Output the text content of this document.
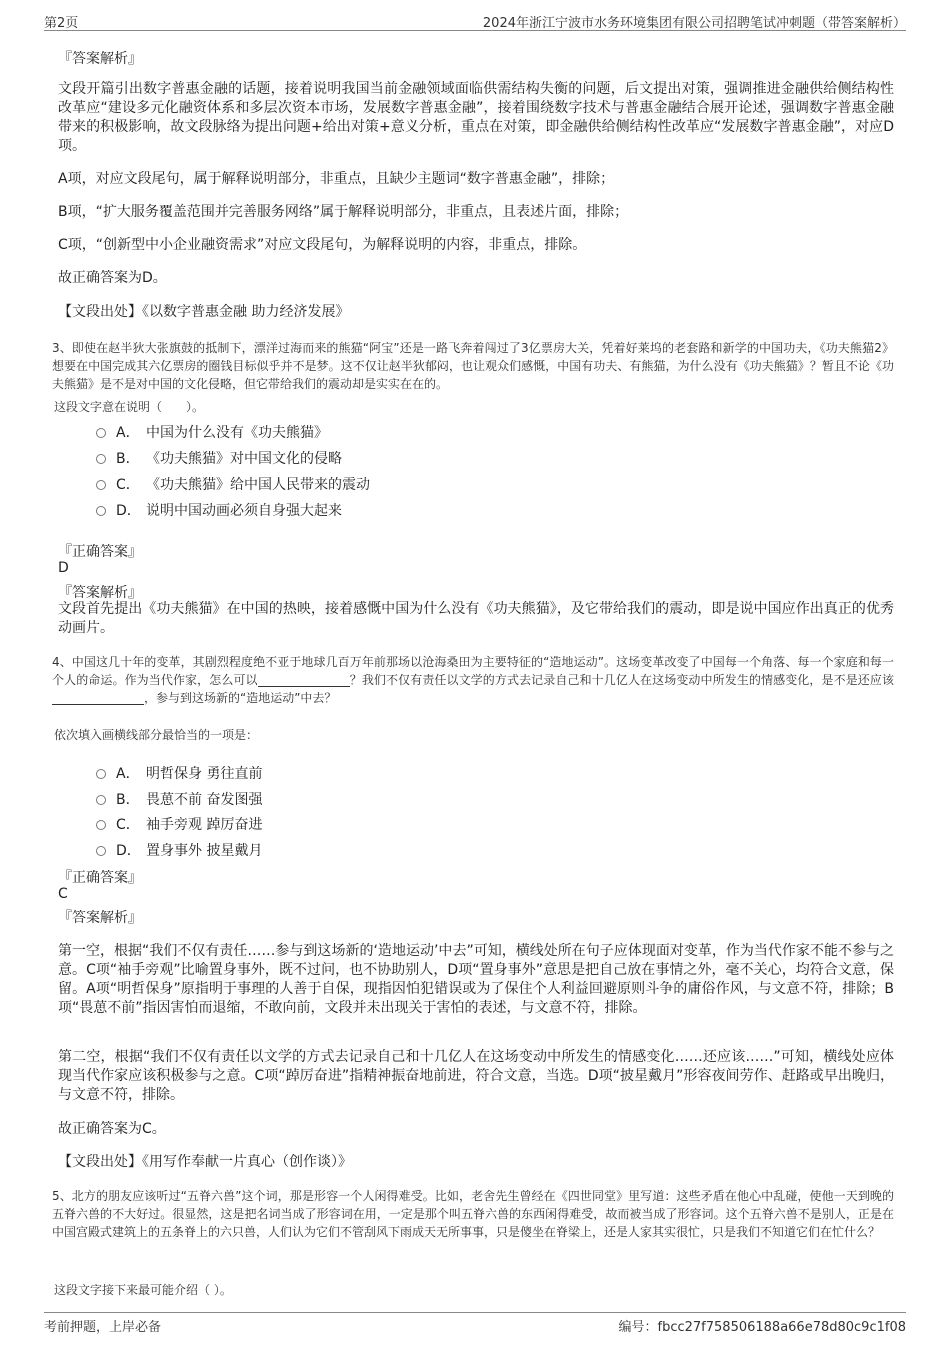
第2页	2024年浙江宁波市水务环境集团有限公司招聘笔试冲刺题（带答案解析）
『答案解析』
文段开篇引出数字普惠金融的话题，接着说明我国当前金融领域面临供需结构失衡的问题，后文提出对策，强调推进金融供给侧结构性改革应“建设多元化融资体系和多层次资本市场，发展数字普惠金融”，接着围绕数字技术与普惠金融结合展开论述，强调数字普惠金融带来的积极影响，故文段脉络为提出问题+给出对策+意义分析，重点在对策，即金融供给侧结构性改革应“发展数字普惠金融”，对应D项。
A项，对应文段尾句，属于解释说明部分，非重点，且缺少主题词“数字普惠金融”，排除；
B项，“扩大服务覆盖范围并完善服务网络”属于解释说明部分，非重点，且表述片面，排除；
C项，“创新型中小企业融资需求”对应文段尾句，为解释说明的内容，非重点，排除。
故正确答案为D。
【文段出处】《以数字普惠金融 助力经济发展》
3、即使在赵半狄大张旗鼓的抵制下，漂洋过海而来的熊猫“阿宝”还是一路飞奔着闯过了3亿票房大关，凭着好莱坞的老套路和新学的中国功夫，《功夫熊猫2》想要在中国完成其六亿票房的圈钱目标似乎并不是梦。这不仅让赵半狄郁闷，也让观众们感慨，中国有功夫、有熊猫，为什么没有《功夫熊猫》？暂且不论《功夫熊猫》是不是对中国的文化侵略，但它带给我们的震动却是实实在在的。
这段文字意在说明（　　）。
A． 中国为什么没有《功夫熊猫》
B． 《功夫熊猫》对中国文化的侵略
C． 《功夫熊猫》给中国人民带来的震动
D． 说明中国动画必须自身强大起来
『正确答案』
D
『答案解析』
文段首先提出《功夫熊猫》在中国的热映，接着感慨中国为什么没有《功夫熊猫》，及它带给我们的震动，即是说中国应作出真正的优秀动画片。
4、中国这几十年的变革，其剧烈程度绝不亚于地球几百万年前那场以沧海桑田为主要特征的“造地运动”。这场变革改变了中国每一个角落、每一个家庭和每一个人的命运。作为当代作家，怎么可以	？我们不仅有责任以文学的方式去记录自己和十几亿人在这场变动中所发生的情感变化，是不是还应该，参与到这场新的“造地运动”中去？
依次填入画横线部分最恰当的一项是：
A． 明哲保身 勇往直前
B． 畏葸不前 奋发图强
C． 袖手旁观 踔厉奋进
D． 置身事外 披星戴月
『正确答案』
C
『答案解析』
第一空，根据“我们不仅有责任……参与到这场新的‘造地运动’中去”可知，横线处所在句子应体现面对变革，作为当代作家不能不参与之意。C项“袖手旁观”比喻置身事外，既不过问，也不协助别人，D项“置身事外”意思是把自己放在事情之外，毫不关心，均符合文意，保留。A项“明哲保身”原指明于事理的人善于自保，现指因怕犯错误或为了保住个人利益回避原则斗争的庸俗作风，与文意不符，排除；B项“畏葸不前”指因害怕而退缩，不敢向前，文段并未出现关于害怕的表述，与文意不符，排除。
第二空，根据“我们不仅有责任以文学的方式去记录自己和十几亿人在这场变动中所发生的情感变化……还应该……”可知，横线处应体现当代作家应该积极参与之意。C项“踔厉奋进”指精神振奋地前进，符合文意，当选。D项“披星戴月”形容夜间劳作、赶路或早出晚归，与文意不符，排除。
故正确答案为C。
【文段出处】《用写作奉献一片真心（创作谈）》
5、北方的朋友应该听过“五脊六兽”这个词，那是形容一个人闲得难受。比如，老舍先生曾经在《四世同堂》里写道：这些矛盾在他心中乱碰，使他一天到晚的五脊六兽的不大好过。很显然，这是把名词当成了形容词在用，一定是那个叫五脊六兽的东西闲得难受，故而被当成了形容词。这个五脊六兽不是别人，正是在中国宫殿式建筑上的五条脊上的六只兽，人们认为它们不管刮风下雨成天无所事事，只是傻坐在脊梁上，还是人家其实很忙，只是我们不知道它们在忙什么？
这段文字接下来最可能介绍（ ）。
考前押题，上岸必备	编号：fbcc27f758506188a66e78d80c9c1f08
